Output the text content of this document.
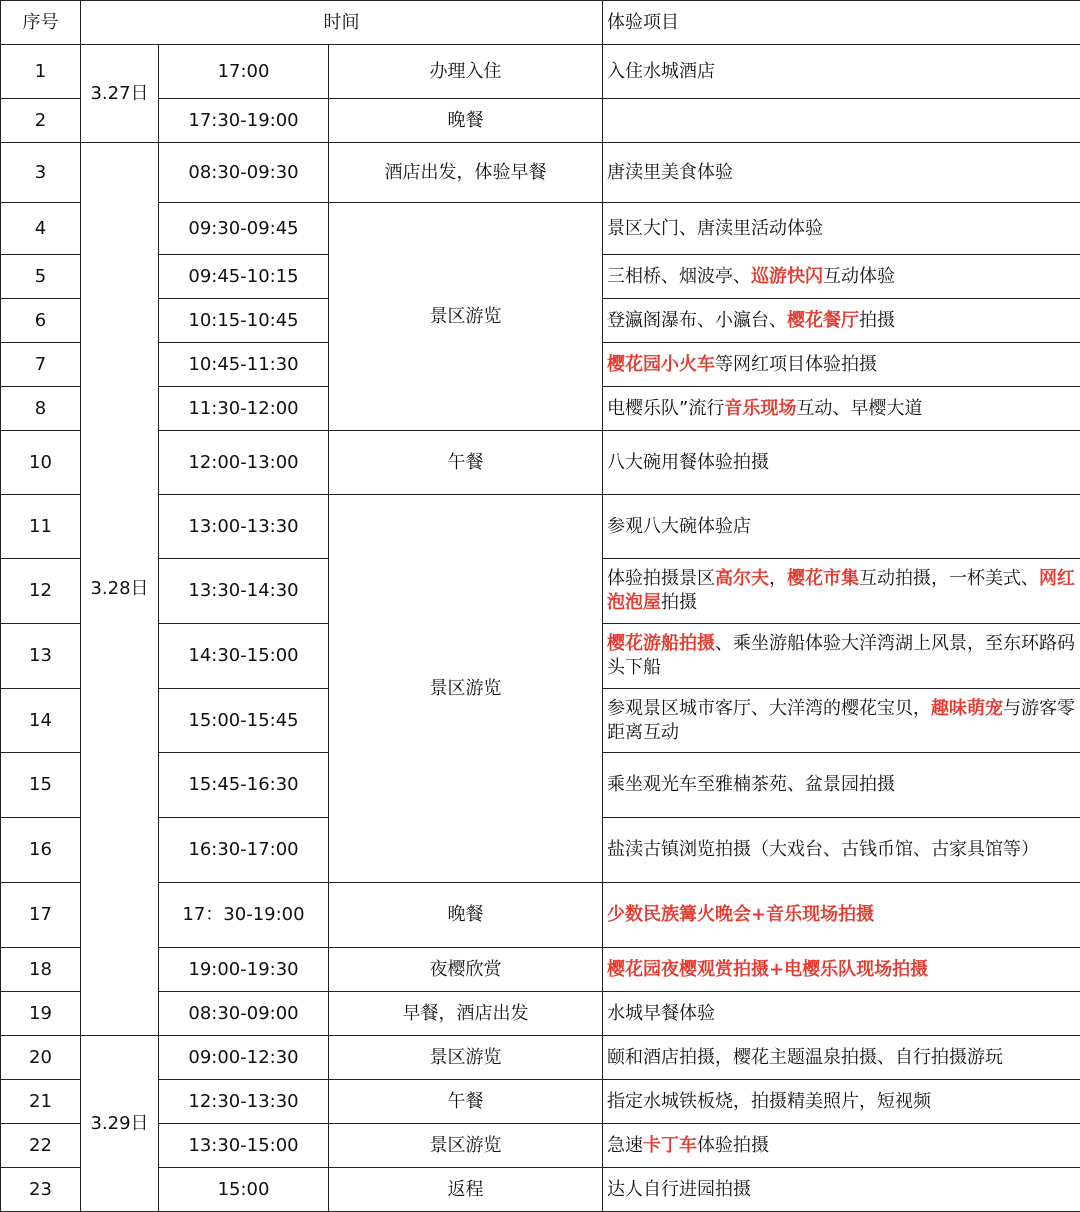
序号	时间			体验项目
1	3.27日	17:00	办理入住	入住水城酒店
2		17:30-19:00	晚餐	
3	3.28日	08:30-09:30	酒店出发，体验早餐	唐渎里美食体验
4		09:30-09:45	景区游览	景区大门、唐渎里活动体验
5		09:45-10:15		三相桥、烟波亭、巡游快闪互动体验
6		10:15-10:45		登瀛阁瀑布、小瀛台、樱花餐厅拍摄
7		10:45-11:30		樱花园小火车等网红项目体验拍摄
8		11:30-12:00		电樱乐队”流行音乐现场互动、早樱大道
10		12:00-13:00	午餐	八大碗用餐体验拍摄
11		13:00-13:30	景区游览	参观八大碗体验店
12		13:30-14:30		体验拍摄景区高尔夫，樱花市集互动拍摄，一杯美式、网红泡泡屋拍摄
13		14:30-15:00		樱花游船拍摄、乘坐游船体验大洋湾湖上风景，至东环路码头下船
14		15:00-15:45		参观景区城市客厅、大洋湾的樱花宝贝，趣味萌宠与游客零距离互动
15		15:45-16:30		乘坐观光车至雅楠茶苑、盆景园拍摄
16		16:30-17:00		盐渎古镇浏览拍摄（大戏台、古钱币馆、古家具馆等）
17		17：30-19:00	晚餐	少数民族篝火晚会+音乐现场拍摄
18		19:00-19:30	夜樱欣赏	樱花园夜樱观赏拍摄+电樱乐队现场拍摄
19		08:30-09:00	早餐，酒店出发	水城早餐体验
20	3.29日	09:00-12:30	景区游览	颐和酒店拍摄，樱花主题温泉拍摄、自行拍摄游玩
21		12:30-13:30	午餐	指定水城铁板烧，拍摄精美照片，短视频
22		13:30-15:00	景区游览	急速卡丁车体验拍摄
23		15:00	返程	达人自行进园拍摄
